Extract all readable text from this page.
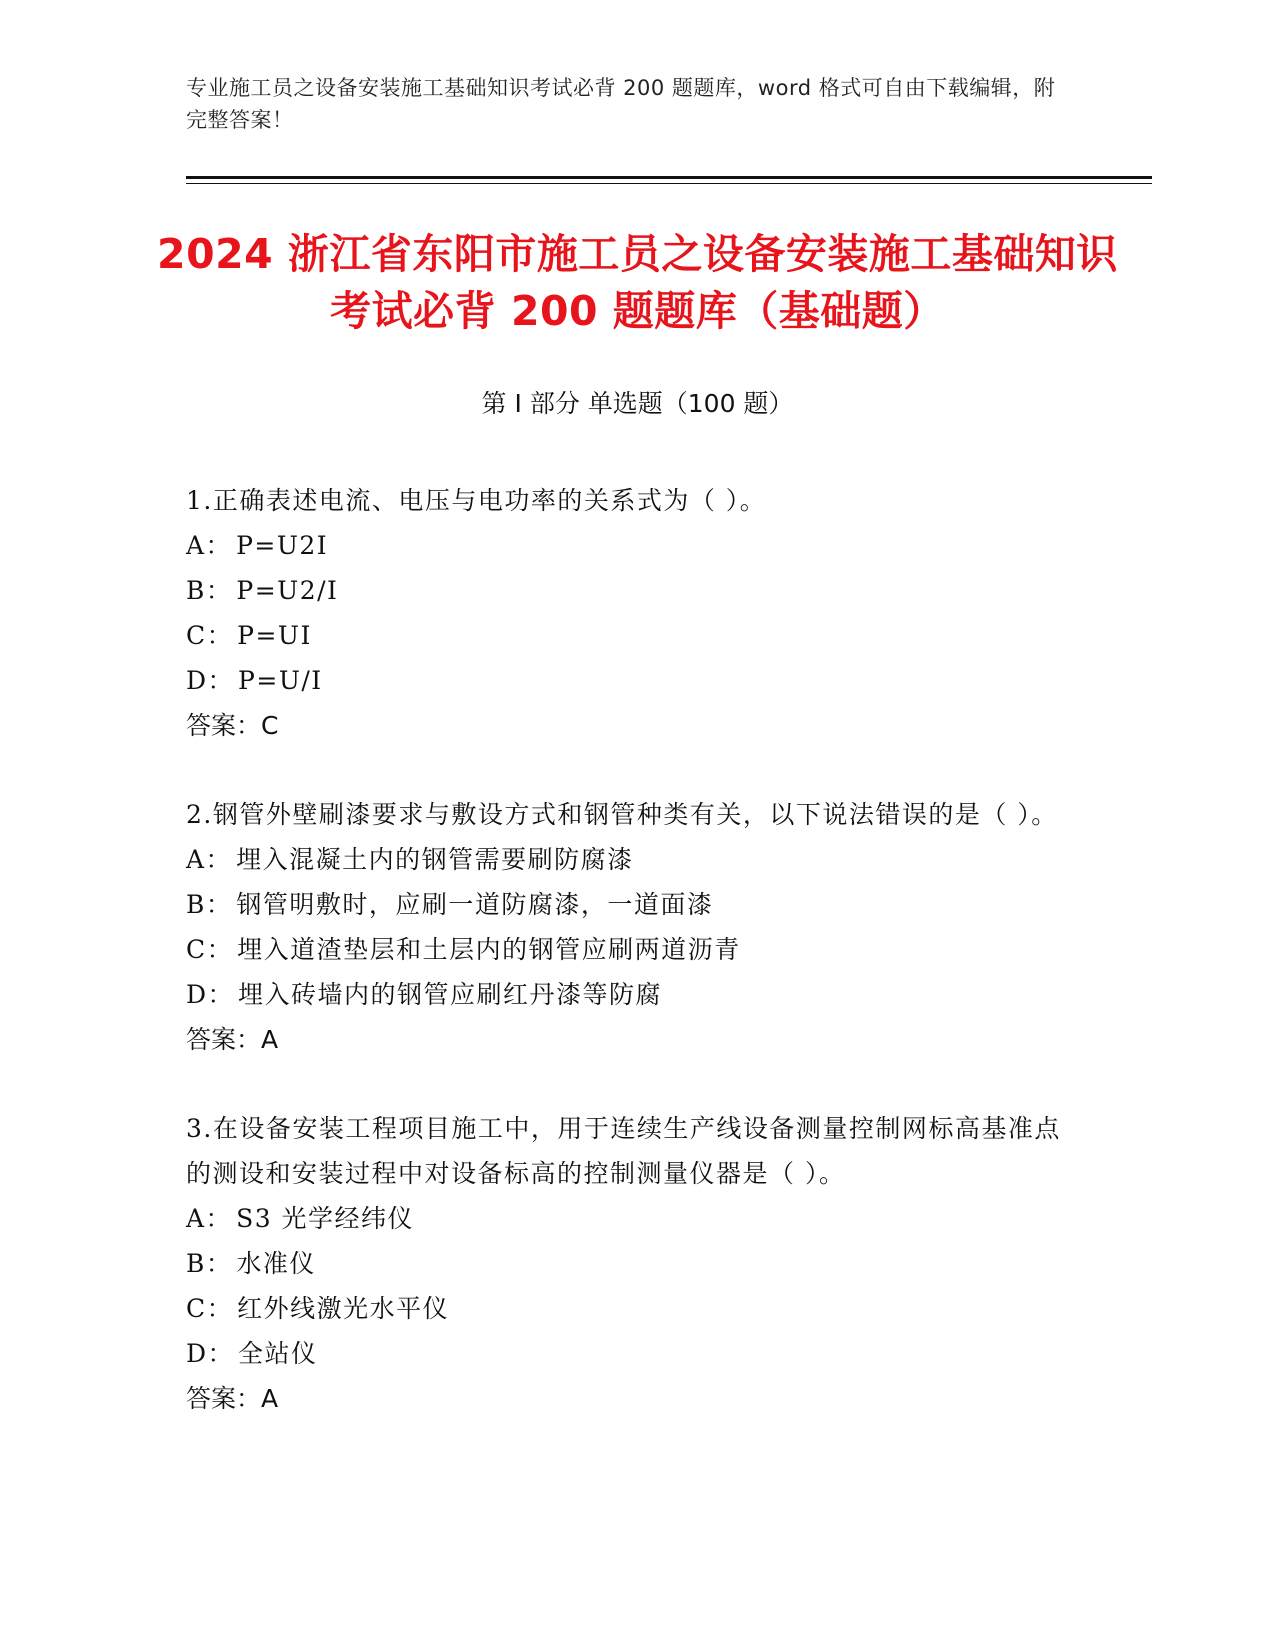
专业施工员之设备安装施工基础知识考试必背 200 题题库，word 格式可自由下载编辑，附完整答案！
2024 浙江省东阳市施工员之设备安装施工基础知识考试必背 200 题题库（基础题）
第 I 部分 单选题（100 题）
1.正确表述电流、电压与电功率的关系式为（ ）。
A： P=U2I
B： P=U2/I
C： P=UI
D： P=U/I
答案：C
2.钢管外壁刷漆要求与敷设方式和钢管种类有关，以下说法错误的是（ ）。
A： 埋入混凝土内的钢管需要刷防腐漆
B： 钢管明敷时，应刷一道防腐漆，一道面漆
C： 埋入道渣垫层和土层内的钢管应刷两道沥青
D： 埋入砖墙内的钢管应刷红丹漆等防腐
答案：A
3.在设备安装工程项目施工中，用于连续生产线设备测量控制网标高基准点的测设和安装过程中对设备标高的控制测量仪器是（ ）。
A： S3 光学经纬仪
B： 水准仪
C： 红外线激光水平仪
D： 全站仪
答案：A
